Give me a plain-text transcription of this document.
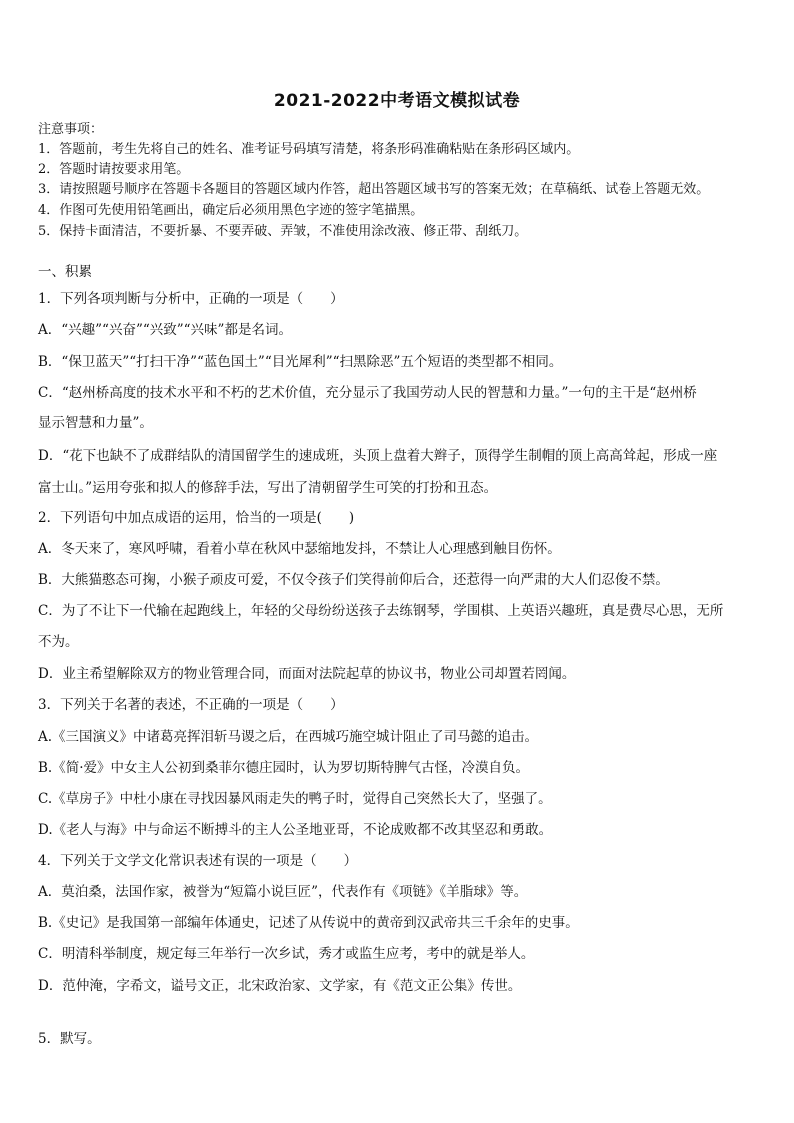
2021-2022中考语文模拟试卷
注意事项：
1．答题前，考生先将自己的姓名、准考证号码填写清楚，将条形码准确粘贴在条形码区域内。
2．答题时请按要求用笔。
3．请按照题号顺序在答题卡各题目的答题区域内作答，超出答题区域书写的答案无效；在草稿纸、试卷上答题无效。
4．作图可先使用铅笔画出，确定后必须用黑色字迹的签字笔描黑。
5．保持卡面清洁，不要折暴、不要弄破、弄皱，不准使用涂改液、修正带、刮纸刀。
一、积累
1．下列各项判断与分析中，正确的一项是（　　）
A．“兴趣”“兴奋”“兴致”“兴味”都是名词。
B．“保卫蓝天”“打扫干净”“蓝色国土”“目光犀利”“扫黑除恶”五个短语的类型都不相同。
C．“赵州桥高度的技术水平和不朽的艺术价值，充分显示了我国劳动人民的智慧和力量。”一句的主干是“赵州桥
显示智慧和力量”。
D．“花下也缺不了成群结队的清国留学生的速成班，头顶上盘着大辫子，顶得学生制帽的顶上高高耸起，形成一座
富士山。”运用夸张和拟人的修辞手法，写出了清朝留学生可笑的打扮和丑态。
2．下列语句中加点成语的运用，恰当的一项是(　　)
A．冬天来了，寒风呼啸，看着小草在秋风中瑟缩地发抖，不禁让人心理感到触目伤怀。
B．大熊猫憨态可掬，小猴子顽皮可爱，不仅令孩子们笑得前仰后合，还惹得一向严肃的大人们忍俊不禁。
C．为了不让下一代输在起跑线上，年轻的父母纷纷送孩子去练钢琴，学围棋、上英语兴趣班，真是费尽心思，无所
不为。
D．业主希望解除双方的物业管理合同，而面对法院起草的协议书，物业公司却置若罔闻。
3．下列关于名著的表述，不正确的一项是（　　）
A.《三国演义》中诸葛亮挥泪斩马谡之后，在西城巧施空城计阻止了司马懿的追击。
B.《简·爱》中女主人公初到桑菲尔德庄园时，认为罗切斯特脾气古怪，冷漠自负。
C.《草房子》中杜小康在寻找因暴风雨走失的鸭子时，觉得自己突然长大了，坚强了。
D.《老人与海》中与命运不断搏斗的主人公圣地亚哥，不论成败都不改其坚忍和勇敢。
4．下列关于文学文化常识表述有误的一项是（　　）
A．莫泊桑，法国作家，被誉为“短篇小说巨匠”，代表作有《项链》《羊脂球》等。
B.《史记》是我国第一部编年体通史，记述了从传说中的黄帝到汉武帝共三千余年的史事。
C．明清科举制度，规定每三年举行一次乡试，秀才或监生应考，考中的就是举人。
D．范仲淹，字希文，谥号文正，北宋政治家、文学家，有《范文正公集》传世。
5．默写。
